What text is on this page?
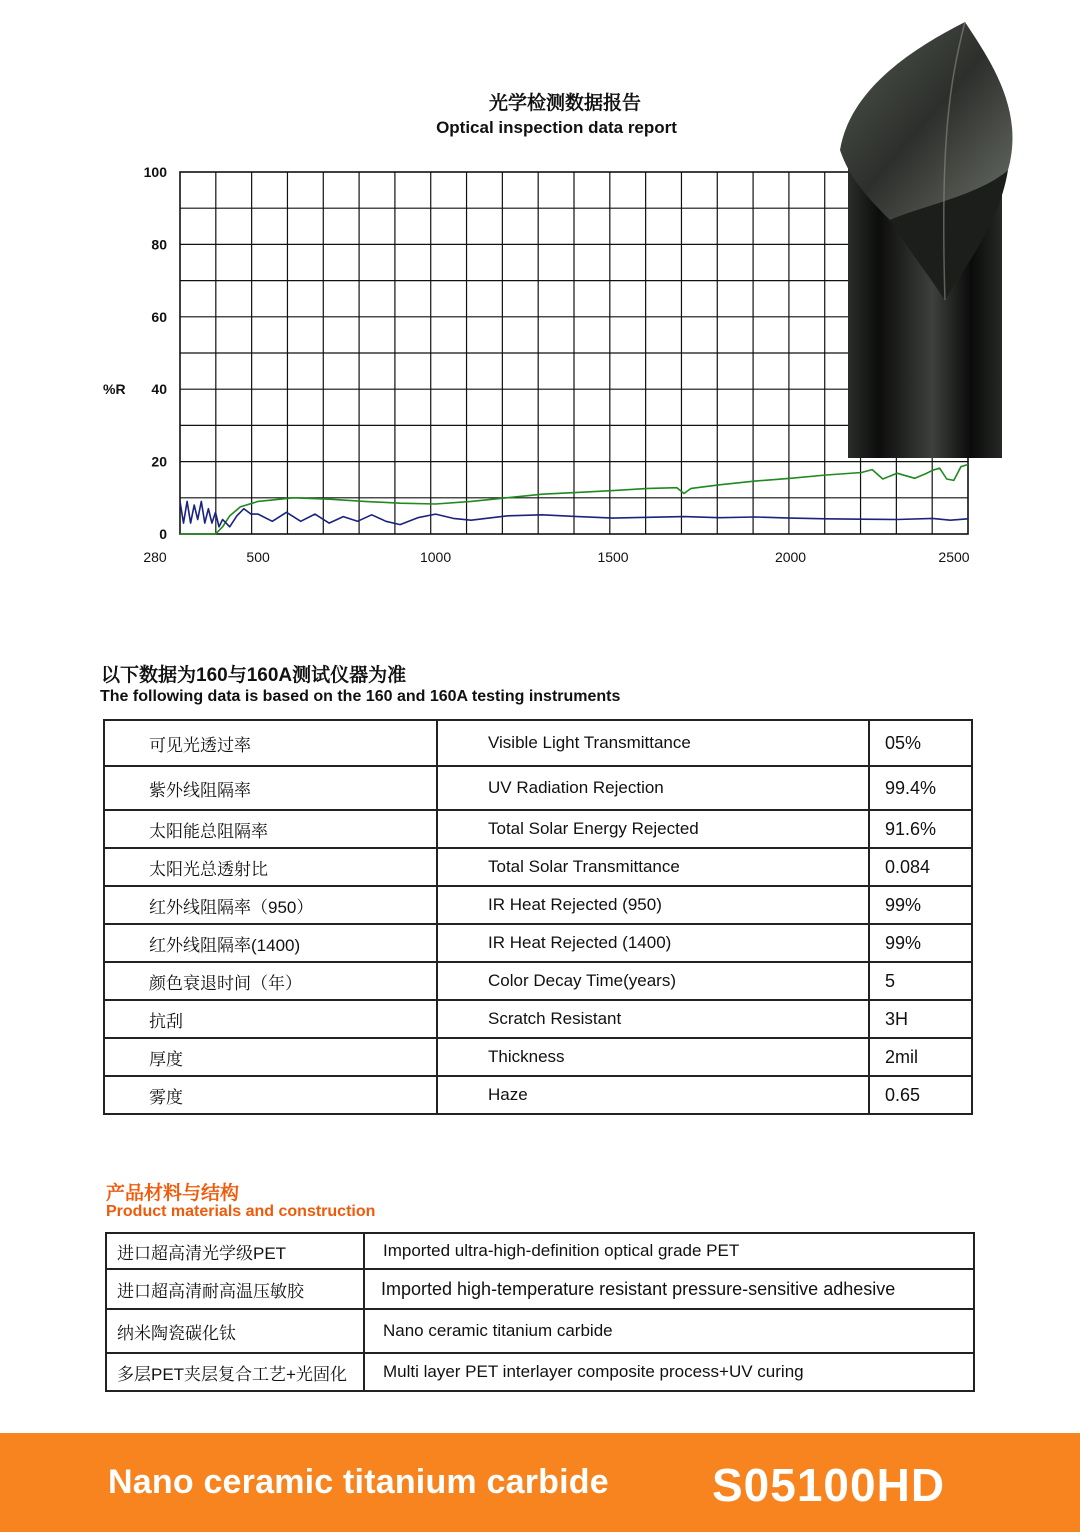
光学检测数据报告
Optical inspection data report
0
20
40
60
80
100
%R
280	500	1000	1500	2000	2500
以下数据为160与160A测试仪器为准
The following data is based on the 160 and 160A testing instruments
可见光透过率	Visible Light Transmittance	05%
紫外线阻隔率	UV Radiation Rejection	99.4%
太阳能总阻隔率	Total Solar Energy Rejected	91.6%
太阳光总透射比	Total Solar Transmittance	0.084
红外线阻隔率（950）	IR Heat Rejected (950)	99%
红外线阻隔率(1400)	IR Heat Rejected (1400)	99%
颜色衰退时间（年）	Color Decay Time(years)	5
抗刮	Scratch Resistant	3H
厚度	Thickness	2mil
雾度	Haze	0.65
产品材料与结构
Product materials and construction
进口超高清光学级PET	Imported ultra-high-definition optical grade PET
进口超高清耐高温压敏胶	Imported high-temperature resistant pressure-sensitive adhesive
纳米陶瓷碳化钛	Nano ceramic titanium carbide
多层PET夹层复合工艺+光固化	Multi layer PET interlayer composite process+UV curing
Nano ceramic titanium carbide S05100HD
